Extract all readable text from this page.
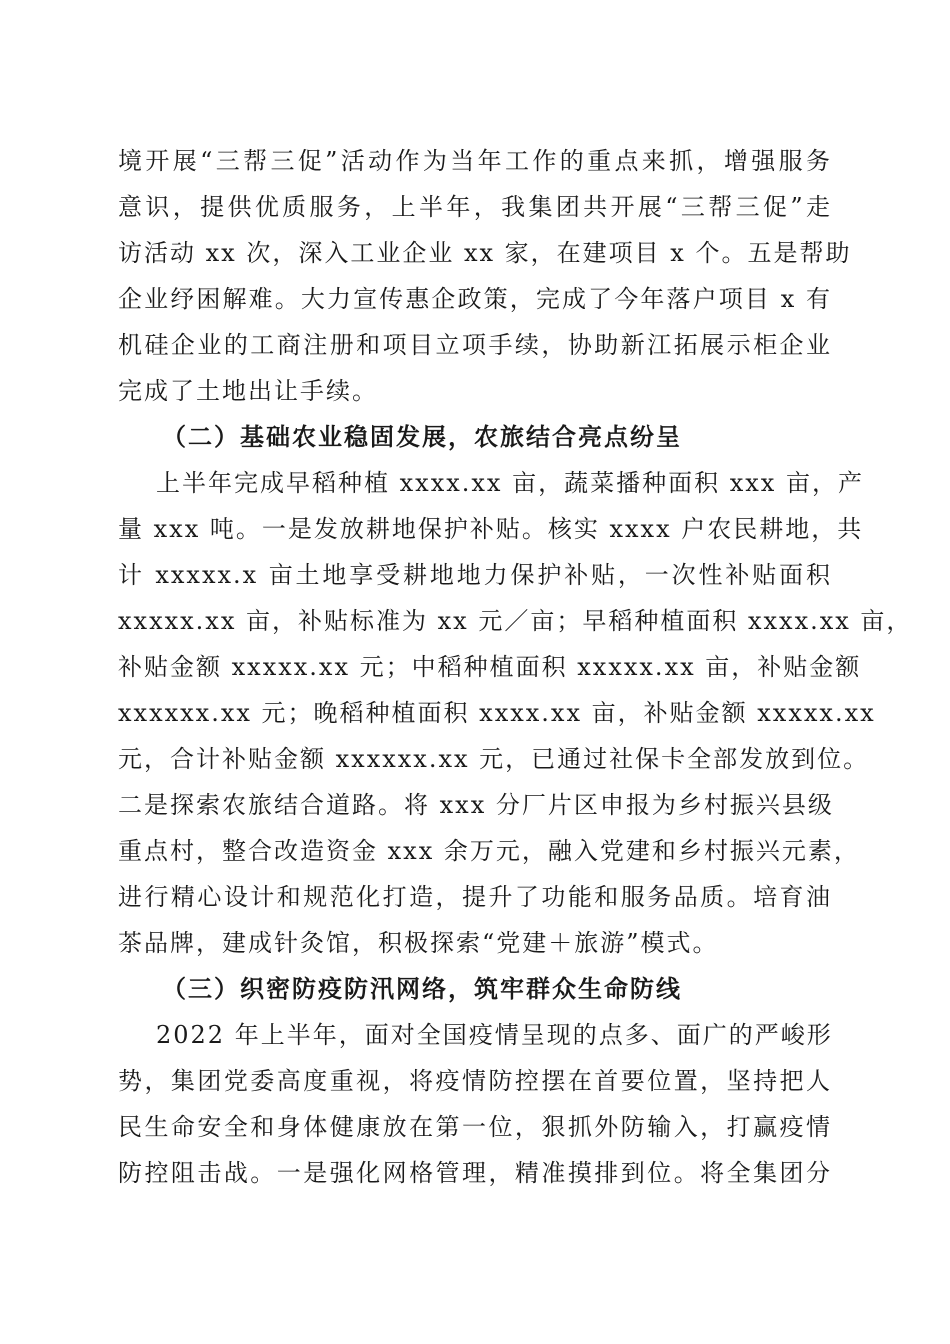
境开展“三帮三促”活动作为当年工作的重点来抓，增强服务
意识，提供优质服务，上半年，我集团共开展“三帮三促”走
访活动 xx 次，深入工业企业 xx 家，在建项目 x 个。五是帮助
企业纾困解难。大力宣传惠企政策，完成了今年落户项目 x 有
机硅企业的工商注册和项目立项手续，协助新江拓展示柜企业
完成了土地出让手续。
（二）基础农业稳固发展，农旅结合亮点纷呈
上半年完成早稻种植 xxxx.xx 亩，蔬菜播种面积 xxx 亩，产
量 xxx 吨。一是发放耕地保护补贴。核实 xxxx 户农民耕地，共
计 xxxxx.x 亩土地享受耕地地力保护补贴，一次性补贴面积
xxxxx.xx 亩，补贴标准为 xx 元／亩；早稻种植面积 xxxx.xx 亩，
补贴金额 xxxxx.xx 元；中稻种植面积 xxxxx.xx 亩，补贴金额
xxxxxx.xx 元；晚稻种植面积 xxxx.xx 亩，补贴金额 xxxxx.xx
元，合计补贴金额 xxxxxx.xx 元，已通过社保卡全部发放到位。
二是探索农旅结合道路。将 xxx 分厂片区申报为乡村振兴县级
重点村，整合改造资金 xxx 余万元，融入党建和乡村振兴元素，
进行精心设计和规范化打造，提升了功能和服务品质。培育油
茶品牌，建成针灸馆，积极探索“党建＋旅游”模式。
（三）织密防疫防汛网络，筑牢群众生命防线
2022 年上半年，面对全国疫情呈现的点多、面广的严峻形
势，集团党委高度重视，将疫情防控摆在首要位置，坚持把人
民生命安全和身体健康放在第一位，狠抓外防输入，打赢疫情
防控阻击战。一是强化网格管理，精准摸排到位。将全集团分
